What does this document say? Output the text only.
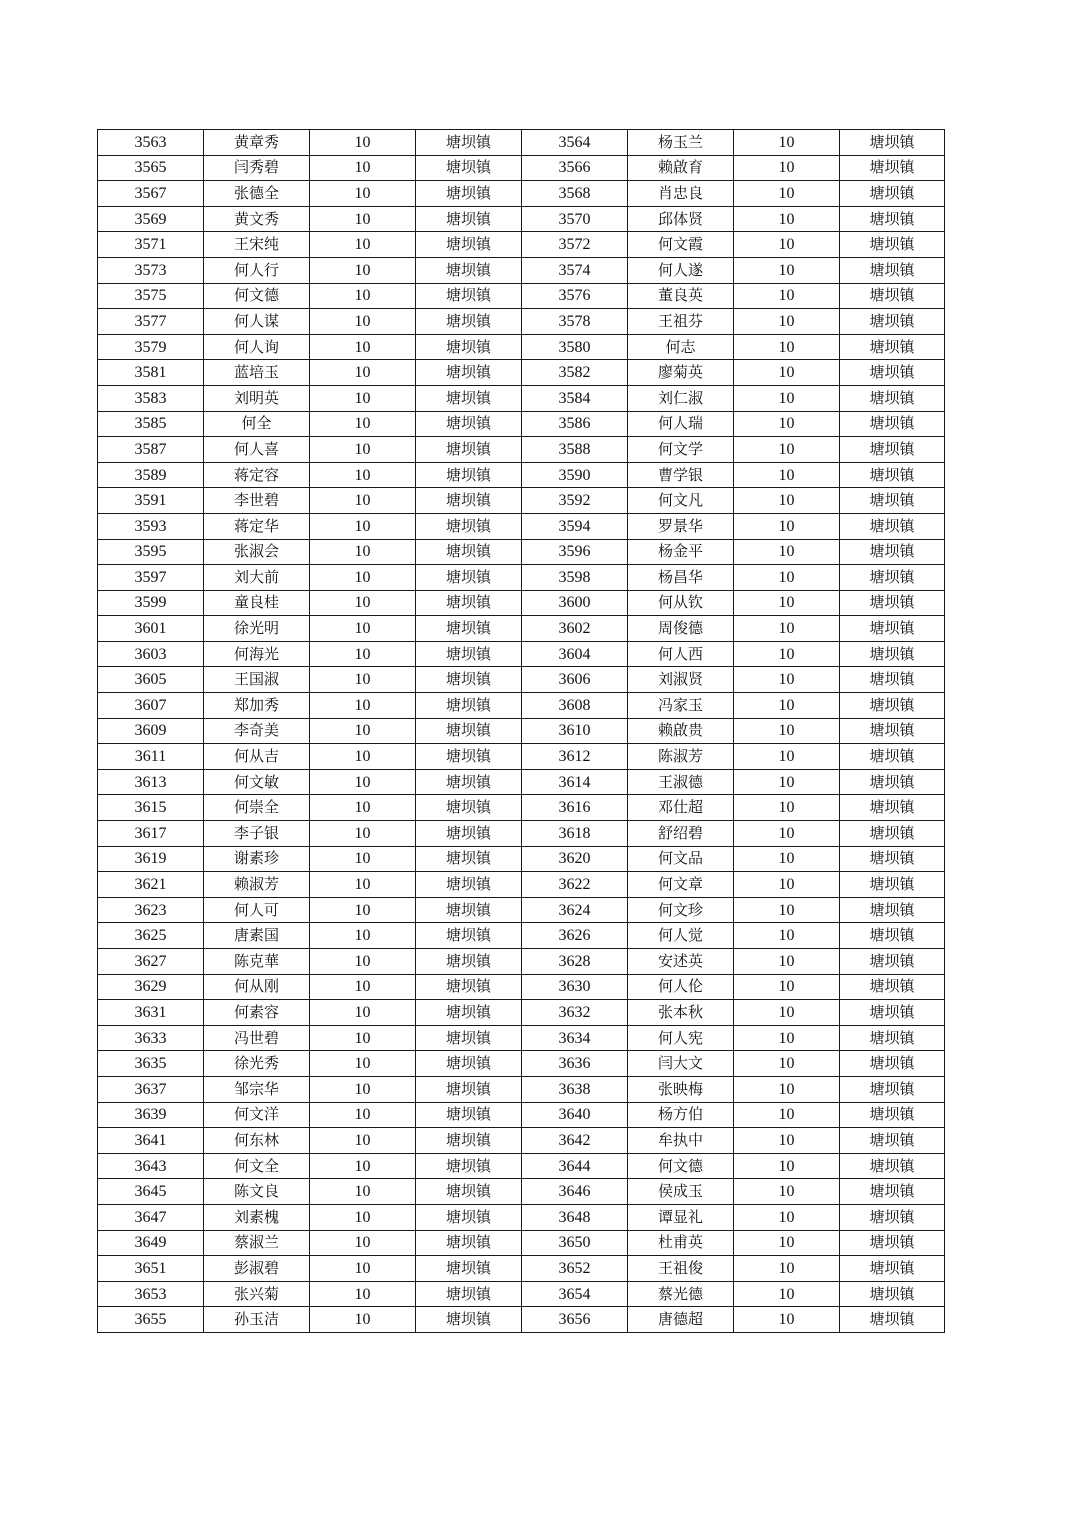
3563	黄章秀	10	塘坝镇	3564	杨玉兰	10	塘坝镇
3565	闫秀碧	10	塘坝镇	3566	赖啟育	10	塘坝镇
3567	张德全	10	塘坝镇	3568	肖忠良	10	塘坝镇
3569	黄文秀	10	塘坝镇	3570	邱体贤	10	塘坝镇
3571	王宋纯	10	塘坝镇	3572	何文霞	10	塘坝镇
3573	何人行	10	塘坝镇	3574	何人遂	10	塘坝镇
3575	何文德	10	塘坝镇	3576	董良英	10	塘坝镇
3577	何人谋	10	塘坝镇	3578	王祖芬	10	塘坝镇
3579	何人询	10	塘坝镇	3580	何志	10	塘坝镇
3581	蓝培玉	10	塘坝镇	3582	廖菊英	10	塘坝镇
3583	刘明英	10	塘坝镇	3584	刘仁淑	10	塘坝镇
3585	何全	10	塘坝镇	3586	何人瑞	10	塘坝镇
3587	何人喜	10	塘坝镇	3588	何文学	10	塘坝镇
3589	蒋定容	10	塘坝镇	3590	曹学银	10	塘坝镇
3591	李世碧	10	塘坝镇	3592	何文凡	10	塘坝镇
3593	蒋定华	10	塘坝镇	3594	罗景华	10	塘坝镇
3595	张淑会	10	塘坝镇	3596	杨金平	10	塘坝镇
3597	刘大前	10	塘坝镇	3598	杨昌华	10	塘坝镇
3599	童良桂	10	塘坝镇	3600	何从钦	10	塘坝镇
3601	徐光明	10	塘坝镇	3602	周俊德	10	塘坝镇
3603	何海光	10	塘坝镇	3604	何人西	10	塘坝镇
3605	王国淑	10	塘坝镇	3606	刘淑贤	10	塘坝镇
3607	郑加秀	10	塘坝镇	3608	冯家玉	10	塘坝镇
3609	李奇美	10	塘坝镇	3610	赖啟贵	10	塘坝镇
3611	何从吉	10	塘坝镇	3612	陈淑芳	10	塘坝镇
3613	何文敏	10	塘坝镇	3614	王淑德	10	塘坝镇
3615	何崇全	10	塘坝镇	3616	邓仕超	10	塘坝镇
3617	李子银	10	塘坝镇	3618	舒绍碧	10	塘坝镇
3619	谢素珍	10	塘坝镇	3620	何文品	10	塘坝镇
3621	赖淑芳	10	塘坝镇	3622	何文章	10	塘坝镇
3623	何人可	10	塘坝镇	3624	何文珍	10	塘坝镇
3625	唐素国	10	塘坝镇	3626	何人觉	10	塘坝镇
3627	陈克華	10	塘坝镇	3628	安述英	10	塘坝镇
3629	何从刚	10	塘坝镇	3630	何人伦	10	塘坝镇
3631	何素容	10	塘坝镇	3632	张本秋	10	塘坝镇
3633	冯世碧	10	塘坝镇	3634	何人宪	10	塘坝镇
3635	徐光秀	10	塘坝镇	3636	闫大文	10	塘坝镇
3637	邹宗华	10	塘坝镇	3638	张映梅	10	塘坝镇
3639	何文洋	10	塘坝镇	3640	杨方伯	10	塘坝镇
3641	何东林	10	塘坝镇	3642	牟执中	10	塘坝镇
3643	何文全	10	塘坝镇	3644	何文德	10	塘坝镇
3645	陈文良	10	塘坝镇	3646	侯成玉	10	塘坝镇
3647	刘素槐	10	塘坝镇	3648	谭显礼	10	塘坝镇
3649	蔡淑兰	10	塘坝镇	3650	杜甫英	10	塘坝镇
3651	彭淑碧	10	塘坝镇	3652	王祖俊	10	塘坝镇
3653	张兴菊	10	塘坝镇	3654	蔡光德	10	塘坝镇
3655	孙玉洁	10	塘坝镇	3656	唐德超	10	塘坝镇
